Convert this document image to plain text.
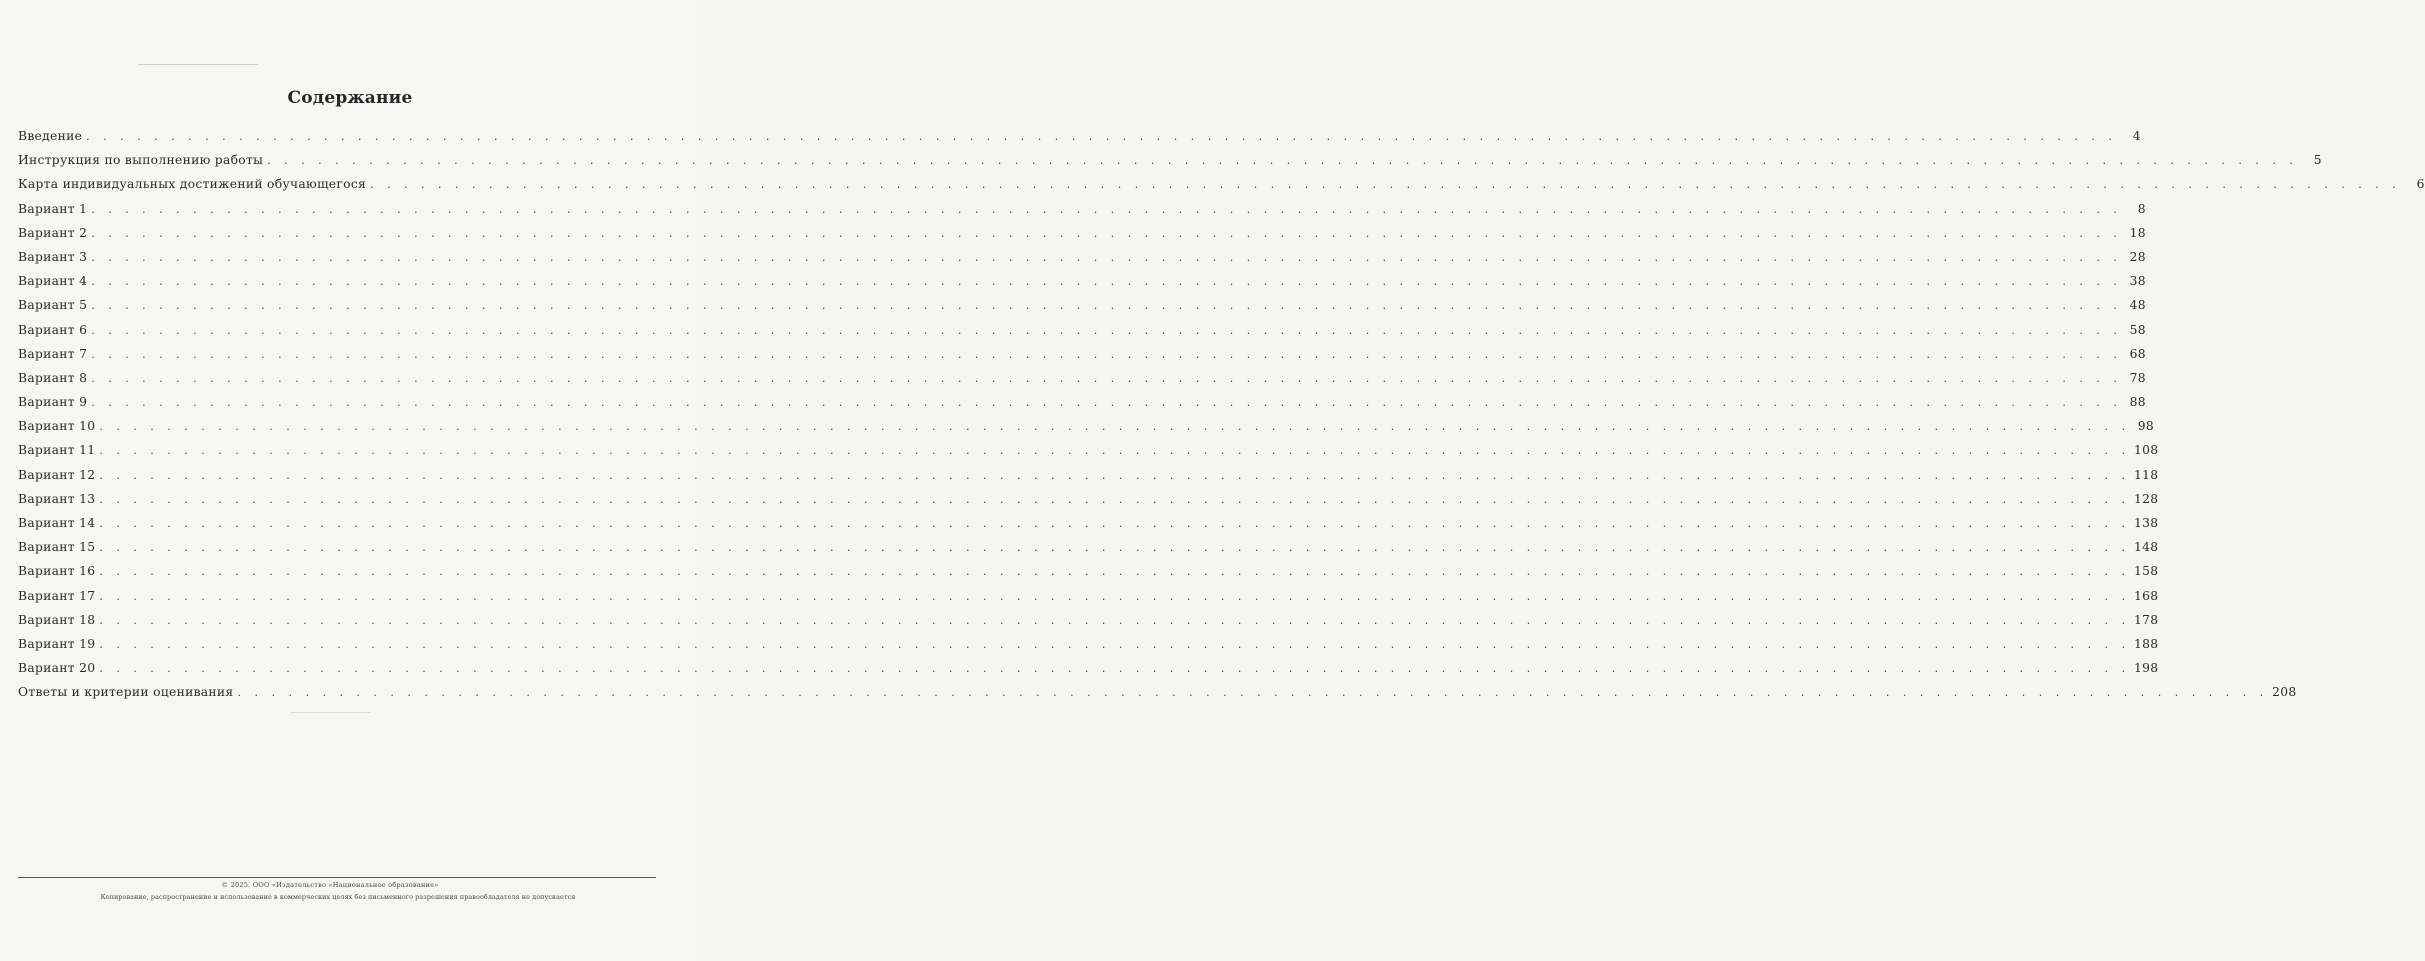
Содержание
Введение . . . . . . . . . . . . . . . . . . . . . . . . . . . . . . . . . . . . . . . . . . . . . . . . . . . . . . . . . . . . . . . . . . . . . . . . . . . . . . . . . . . . . . . . . . . . . . . . . . . . . . . . . . . . . . . . . . . . . . . .	4
Инструкция по выполнению работы . . . . . . . . . . . . . . . . . . . . . . . . . . . . . . . . . . . . . . . . . . . . . . . . . . . . . . . . . . . . . . . . . . . . . . . . . . . . . . . . . . . . . . . . . . . . . . . . . . . . . . . . . . . . . . . . . . . . . . . .	5
Карта индивидуальных достижений обучающегося . . . . . . . . . . . . . . . . . . . . . . . . . . . . . . . . . . . . . . . . . . . . . . . . . . . . . . . . . . . . . . . . . . . . . . . . . . . . . . . . . . . . . . . . . . . . . . . . . . . . . . . . . . . . . . . . . . . . . . . .	6
Вариант 1 . . . . . . . . . . . . . . . . . . . . . . . . . . . . . . . . . . . . . . . . . . . . . . . . . . . . . . . . . . . . . . . . . . . . . . . . . . . . . . . . . . . . . . . . . . . . . . . . . . . . . . . . . . . . . . . . . . . . . . . .	8
Вариант 2 . . . . . . . . . . . . . . . . . . . . . . . . . . . . . . . . . . . . . . . . . . . . . . . . . . . . . . . . . . . . . . . . . . . . . . . . . . . . . . . . . . . . . . . . . . . . . . . . . . . . . . . . . . . . . . . . . . . . . . . . 18
Вариант 3 . . . . . . . . . . . . . . . . . . . . . . . . . . . . . . . . . . . . . . . . . . . . . . . . . . . . . . . . . . . . . . . . . . . . . . . . . . . . . . . . . . . . . . . . . . . . . . . . . . . . . . . . . . . . . . . . . . . . . . . . 28
Вариант 4 . . . . . . . . . . . . . . . . . . . . . . . . . . . . . . . . . . . . . . . . . . . . . . . . . . . . . . . . . . . . . . . . . . . . . . . . . . . . . . . . . . . . . . . . . . . . . . . . . . . . . . . . . . . . . . . . . . . . . . . . 38
Вариант 5 . . . . . . . . . . . . . . . . . . . . . . . . . . . . . . . . . . . . . . . . . . . . . . . . . . . . . . . . . . . . . . . . . . . . . . . . . . . . . . . . . . . . . . . . . . . . . . . . . . . . . . . . . . . . . . . . . . . . . . . . 48
Вариант 6 . . . . . . . . . . . . . . . . . . . . . . . . . . . . . . . . . . . . . . . . . . . . . . . . . . . . . . . . . . . . . . . . . . . . . . . . . . . . . . . . . . . . . . . . . . . . . . . . . . . . . . . . . . . . . . . . . . . . . . . . 58
Вариант 7 . . . . . . . . . . . . . . . . . . . . . . . . . . . . . . . . . . . . . . . . . . . . . . . . . . . . . . . . . . . . . . . . . . . . . . . . . . . . . . . . . . . . . . . . . . . . . . . . . . . . . . . . . . . . . . . . . . . . . . . . 68
Вариант 8 . . . . . . . . . . . . . . . . . . . . . . . . . . . . . . . . . . . . . . . . . . . . . . . . . . . . . . . . . . . . . . . . . . . . . . . . . . . . . . . . . . . . . . . . . . . . . . . . . . . . . . . . . . . . . . . . . . . . . . . . 78
Вариант 9 . . . . . . . . . . . . . . . . . . . . . . . . . . . . . . . . . . . . . . . . . . . . . . . . . . . . . . . . . . . . . . . . . . . . . . . . . . . . . . . . . . . . . . . . . . . . . . . . . . . . . . . . . . . . . . . . . . . . . . . . 88
Вариант 10 . . . . . . . . . . . . . . . . . . . . . . . . . . . . . . . . . . . . . . . . . . . . . . . . . . . . . . . . . . . . . . . . . . . . . . . . . . . . . . . . . . . . . . . . . . . . . . . . . . . . . . . . . . . . . . . . . . . . . . . . 98
Вариант 11 . . . . . . . . . . . . . . . . . . . . . . . . . . . . . . . . . . . . . . . . . . . . . . . . . . . . . . . . . . . . . . . . . . . . . . . . . . . . . . . . . . . . . . . . . . . . . . . . . . . . . . . . . . . . . . . . . . . . . . . . 108
Вариант 12 . . . . . . . . . . . . . . . . . . . . . . . . . . . . . . . . . . . . . . . . . . . . . . . . . . . . . . . . . . . . . . . . . . . . . . . . . . . . . . . . . . . . . . . . . . . . . . . . . . . . . . . . . . . . . . . . . . . . . . . . 118
Вариант 13 . . . . . . . . . . . . . . . . . . . . . . . . . . . . . . . . . . . . . . . . . . . . . . . . . . . . . . . . . . . . . . . . . . . . . . . . . . . . . . . . . . . . . . . . . . . . . . . . . . . . . . . . . . . . . . . . . . . . . . . . 128
Вариант 14 . . . . . . . . . . . . . . . . . . . . . . . . . . . . . . . . . . . . . . . . . . . . . . . . . . . . . . . . . . . . . . . . . . . . . . . . . . . . . . . . . . . . . . . . . . . . . . . . . . . . . . . . . . . . . . . . . . . . . . . . 138
Вариант 15 . . . . . . . . . . . . . . . . . . . . . . . . . . . . . . . . . . . . . . . . . . . . . . . . . . . . . . . . . . . . . . . . . . . . . . . . . . . . . . . . . . . . . . . . . . . . . . . . . . . . . . . . . . . . . . . . . . . . . . . . 148
Вариант 16 . . . . . . . . . . . . . . . . . . . . . . . . . . . . . . . . . . . . . . . . . . . . . . . . . . . . . . . . . . . . . . . . . . . . . . . . . . . . . . . . . . . . . . . . . . . . . . . . . . . . . . . . . . . . . . . . . . . . . . . . 158
Вариант 17 . . . . . . . . . . . . . . . . . . . . . . . . . . . . . . . . . . . . . . . . . . . . . . . . . . . . . . . . . . . . . . . . . . . . . . . . . . . . . . . . . . . . . . . . . . . . . . . . . . . . . . . . . . . . . . . . . . . . . . . . 168
Вариант 18 . . . . . . . . . . . . . . . . . . . . . . . . . . . . . . . . . . . . . . . . . . . . . . . . . . . . . . . . . . . . . . . . . . . . . . . . . . . . . . . . . . . . . . . . . . . . . . . . . . . . . . . . . . . . . . . . . . . . . . . . 178
Вариант 19 . . . . . . . . . . . . . . . . . . . . . . . . . . . . . . . . . . . . . . . . . . . . . . . . . . . . . . . . . . . . . . . . . . . . . . . . . . . . . . . . . . . . . . . . . . . . . . . . . . . . . . . . . . . . . . . . . . . . . . . . 188
Вариант 20 . . . . . . . . . . . . . . . . . . . . . . . . . . . . . . . . . . . . . . . . . . . . . . . . . . . . . . . . . . . . . . . . . . . . . . . . . . . . . . . . . . . . . . . . . . . . . . . . . . . . . . . . . . . . . . . . . . . . . . . . 198
Ответы и критерии оценивания . . . . . . . . . . . . . . . . . . . . . . . . . . . . . . . . . . . . . . . . . . . . . . . . . . . . . . . . . . . . . . . . . . . . . . . . . . . . . . . . . . . . . . . . . . . . . . . . . . . . . . . . . . . . . . . . . . . . . . . . 208
© 2025. ООО «Издательство «Национальное образование»
Копирование, распространение и использование в коммерческих целях без письменного разрешения правообладателя не допускается
